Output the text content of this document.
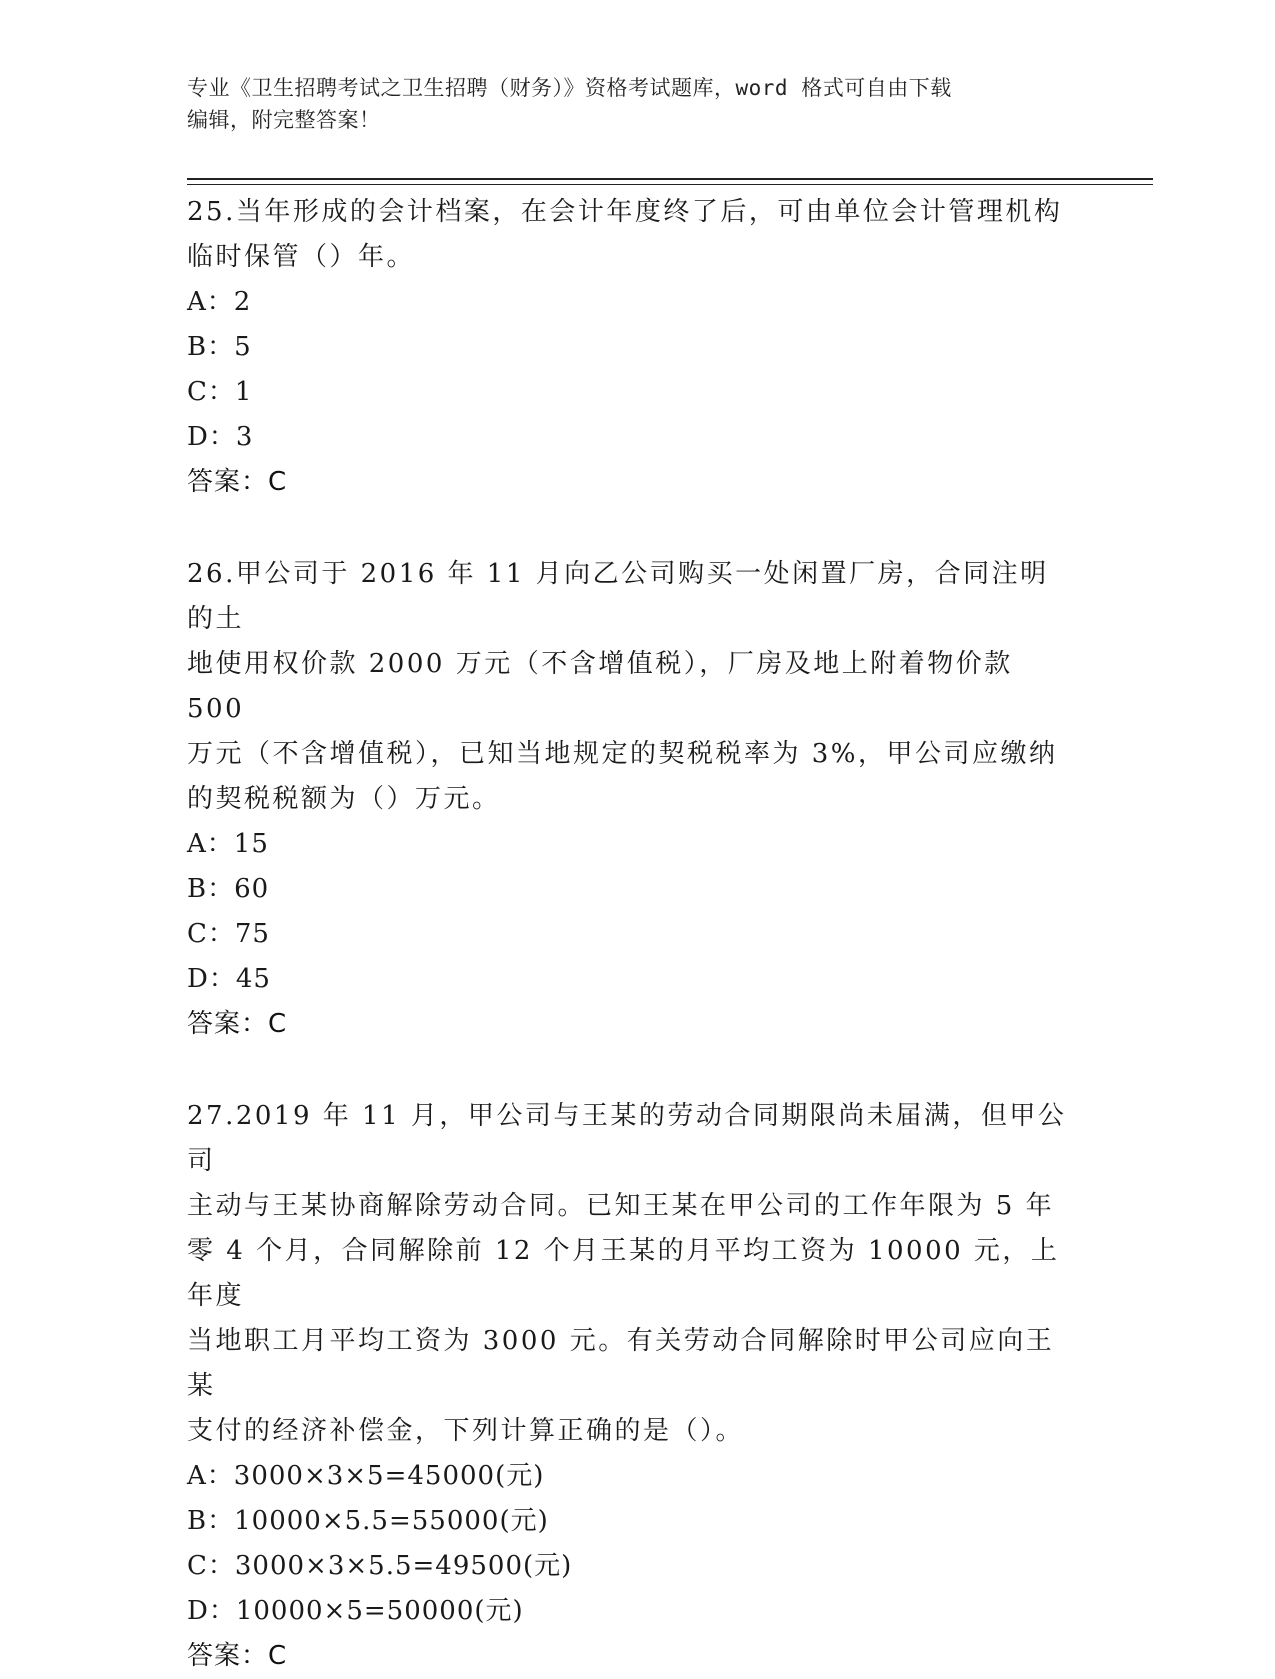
专业《卫生招聘考试之卫生招聘（财务）》资格考试题库，word 格式可自由下载
编辑，附完整答案！
25.当年形成的会计档案，在会计年度终了后，可由单位会计管理机构
临时保管（）年。
A：2
B：5
C：1
D：3
答案：C
26.甲公司于 2016 年 11 月向乙公司购买一处闲置厂房，合同注明的土
地使用权价款 2000 万元（不含增值税），厂房及地上附着物价款 500
万元（不含增值税），已知当地规定的契税税率为 3%，甲公司应缴纳
的契税税额为（）万元。
A：15
B：60
C：75
D：45
答案：C
27.2019 年 11 月，甲公司与王某的劳动合同期限尚未届满，但甲公司
主动与王某协商解除劳动合同。已知王某在甲公司的工作年限为 5 年
零 4 个月，合同解除前 12 个月王某的月平均工资为 10000 元，上年度
当地职工月平均工资为 3000 元。有关劳动合同解除时甲公司应向王某
支付的经济补偿金，下列计算正确的是（）。
A：3000×3×5=45000(元)
B：10000×5.5=55000(元)
C：3000×3×5.5=49500(元)
D：10000×5=50000(元)
答案：C
